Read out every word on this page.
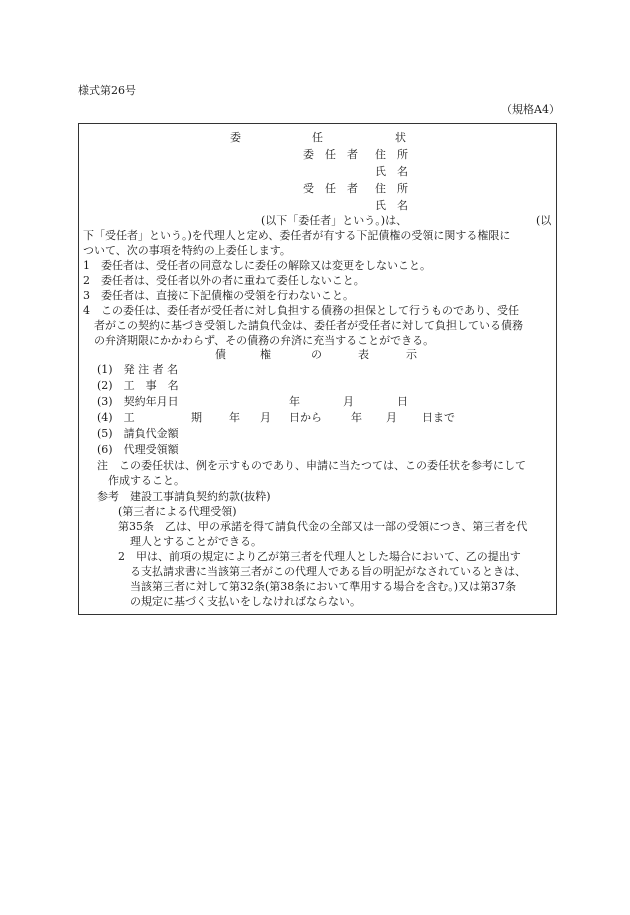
様式第26号
（規格A4）
委	任	状
委　任　者 住　所
氏　名
受　任　者 住　所
氏　名
(以下「委任者」という。)は、	(以
下「受任者」という。)を代理人と定め、委任者が有する下記債権の受領に関する権限に
ついて、次の事項を特約の上委任します。
1　委任者は、受任者の同意なしに委任の解除又は変更をしないこと。
2　委任者は、受任者以外の者に重ねて委任しないこと。
3　委任者は、直接に下記債権の受領を行わないこと。
4　この委任は、委任者が受任者に対し負担する債務の担保として行うものであり、受任
者がこの契約に基づき受領した請負代金は、委任者が受任者に対して負担している債務
の弁済期限にかかわらず、その債務の弁済に充当することができる。
債	権	の	表	示
(1)　発 注 者 名
(2)　工　事　名
(3)　契約年月日	年	月	日
(4)　工	期 年 月 日から	年 月 日まで
(5)　請負代金額
(6)　代理受領額
注　この委任状は、例を示すものであり、申請に当たつては、この委任状を参考にして
作成すること。
参考　建設工事請負契約約款(抜粋)
(第三者による代理受領)
第35条　乙は、甲の承諾を得て請負代金の全部又は一部の受領につき、第三者を代
理人とすることができる。
2　甲は、前項の規定により乙が第三者を代理人とした場合において、乙の提出す
る支払請求書に当該第三者がこの代理人である旨の明記がなされているときは、
当該第三者に対して第32条(第38条において準用する場合を含む。)又は第37条
の規定に基づく支払いをしなければならない。
